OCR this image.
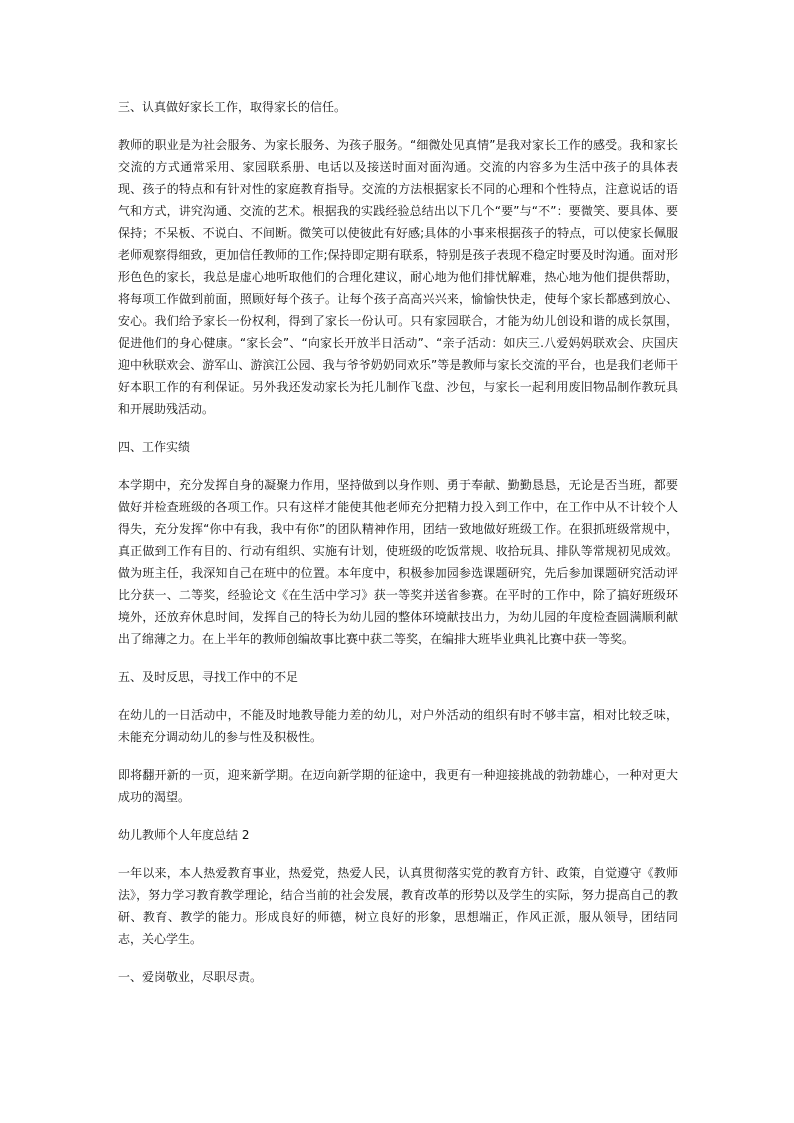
三、认真做好家长工作，取得家长的信任。

教师的职业是为社会服务、为家长服务、为孩子服务。“细微处见真情”是我对家长工作的感受。我和家长交流的方式通常采用、家园联系册、电话以及接送时面对面沟通。交流的内容多为生活中孩子的具体表现、孩子的特点和有针对性的家庭教育指导。交流的方法根据家长不同的心理和个性特点，注意说话的语气和方式，讲究沟通、交流的艺术。根据我的实践经验总结出以下几个“要”与“不”：要微笑、要具体、要保持；不呆板、不说白、不间断。微笑可以使彼此有好感;具体的小事来根据孩子的特点，可以使家长佩服老师观察得细致，更加信任教师的工作;保持即定期有联系，特别是孩子表现不稳定时要及时沟通。面对形形色色的家长，我总是虚心地听取他们的合理化建议，耐心地为他们排忧解难，热心地为他们提供帮助，将每项工作做到前面，照顾好每个孩子。让每个孩子高高兴兴来，愉愉快快走，使每个家长都感到放心、安心。我们给予家长一份权利，得到了家长一份认可。只有家园联合，才能为幼儿创设和谐的成长氛围，促进他们的身心健康。“家长会”、“向家长开放半日活动”、“亲子活动：如庆三.八爱妈妈联欢会、庆国庆迎中秋联欢会、游军山、游滨江公园、我与爷爷奶奶同欢乐”等是教师与家长交流的平台，也是我们老师干好本职工作的有利保证。另外我还发动家长为托儿制作飞盘、沙包，与家长一起利用废旧物品制作教玩具和开展助残活动。

四、工作实绩

本学期中，充分发挥自身的凝聚力作用，坚持做到以身作则、勇于奉献、勤勤恳恳，无论是否当班，都要做好并检查班级的各项工作。只有这样才能使其他老师充分把精力投入到工作中，在工作中从不计较个人得失，充分发挥“你中有我，我中有你”的团队精神作用，团结一致地做好班级工作。在狠抓班级常规中，真正做到工作有目的、行动有组织、实施有计划，使班级的吃饭常规、收拾玩具、排队等常规初见成效。做为班主任，我深知自己在班中的位置。本年度中，积极参加园参选课题研究，先后参加课题研究活动评比分获一、二等奖，经验论文《在生活中学习》获一等奖并送省参赛。在平时的工作中，除了搞好班级环境外，还放弃休息时间，发挥自己的特长为幼儿园的整体环境献技出力，为幼儿园的年度检查圆满顺利献出了绵薄之力。在上半年的教师创编故事比赛中获二等奖，在编排大班毕业典礼比赛中获一等奖。

五、及时反思，寻找工作中的不足

在幼儿的一日活动中，不能及时地教导能力差的幼儿，对户外活动的组织有时不够丰富，相对比较乏味，未能充分调动幼儿的参与性及积极性。

即将翻开新的一页，迎来新学期。在迈向新学期的征途中，我更有一种迎接挑战的勃勃雄心，一种对更大成功的渴望。

幼儿教师个人年度总结 2

一年以来，本人热爱教育事业，热爱党，热爱人民，认真贯彻落实党的教育方针、政策，自觉遵守《教师法》，努力学习教育教学理论，结合当前的社会发展，教育改革的形势以及学生的实际，努力提高自己的教研、教育、教学的能力。形成良好的师德，树立良好的形象，思想端正，作风正派，服从领导，团结同志，关心学生。

一、爱岗敬业，尽职尽责。
